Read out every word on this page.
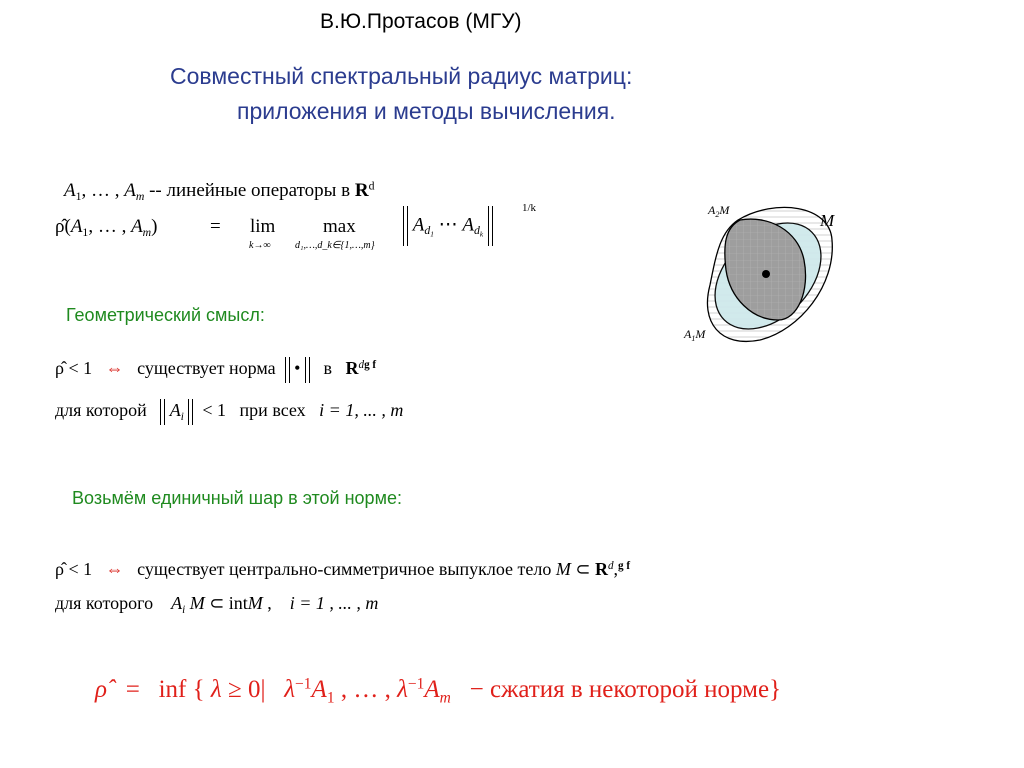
В.Ю.Протасов (МГУ)
Совместный спектральный радиус матриц:
приложения и методы вычисления.
$A_1$, … , $A_m$ -- линейные операторы в $R^d$
$\rhô(A_1$, … , $A_m$)	= lim
k→∞
max
d₁,…,d_k∈{1,…,m}
$A_{d_1}$ ⋯ $A_{d_k}$
1/k
Геометрический смысл:
ρ̂ < 1 ⇔ существует норма   •    в $R^{dg f}$
для которой    $A_i < 1$ при всех i = 1, ... , m
Возьмём единичный шар в этой норме:
ρ̂ < 1 ⇔ существует центрально-симметричное выпуклое тело M ⊂ $R^d,^{g f}$
для которого $A_i$ M ⊂ intM ,    i = 1 , ... , m
ρ̂ = inf { λ ≥ 0|   $\lambda^{-1}A_1$ , … , $\lambda^{-1}A_m$ − сжатия в некоторой норме}
M
$A_2M$
$A_1M$
